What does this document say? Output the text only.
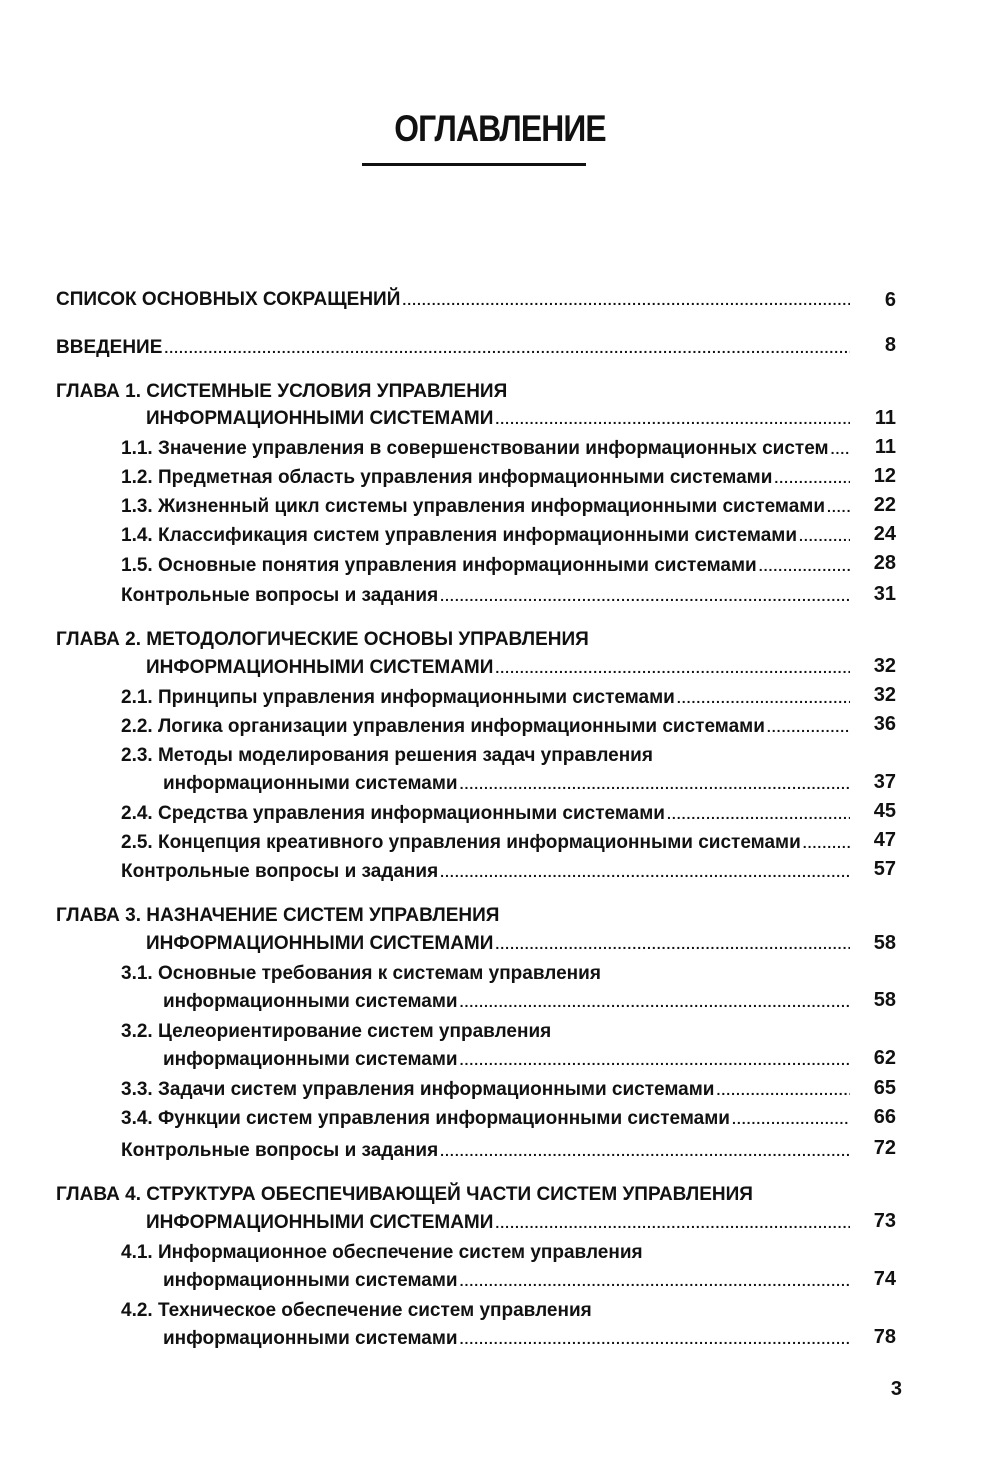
ОГЛАВЛЕНИЕ
СПИСОК ОСНОВНЫХ СОКРАЩЕНИЙ .....	6
ВВЕДЕНИЕ .....	8
ГЛАВА 1. СИСТЕМНЫЕ УСЛОВИЯ УПРАВЛЕНИЯ
ИНФОРМАЦИОННЫМИ СИСТЕМАМИ .....	11
1.1. Значение управления в совершенствовании информационных систем .....	11
1.2. Предметная область управления информационными системами .....	12
1.3. Жизненный цикл системы управления информационными системами .....	22
1.4. Классификация систем управления информационными системами .....	24
1.5. Основные понятия управления информационными системами .....	28
Контрольные вопросы и задания .....	31
ГЛАВА 2. МЕТОДОЛОГИЧЕСКИЕ ОСНОВЫ УПРАВЛЕНИЯ
ИНФОРМАЦИОННЫМИ СИСТЕМАМИ .....	32
2.1. Принципы управления информационными системами .....	32
2.2. Логика организации управления информационными системами .....	36
2.3. Методы моделирования решения задач управления
информационными системами .....	37
2.4. Средства управления информационными системами .....	45
2.5. Концепция креативного управления информационными системами .....	47
Контрольные вопросы и задания .....	57
ГЛАВА 3. НАЗНАЧЕНИЕ СИСТЕМ УПРАВЛЕНИЯ
ИНФОРМАЦИОННЫМИ СИСТЕМАМИ .....	58
3.1. Основные требования к системам управления
информационными системами .....	58
3.2. Целеориентирование систем управления
информационными системами .....	62
3.3. Задачи систем управления информационными системами .....	65
3.4. Функции систем управления информационными системами .....	66
Контрольные вопросы и задания .....	72
ГЛАВА 4. СТРУКТУРА ОБЕСПЕЧИВАЮЩЕЙ ЧАСТИ СИСТЕМ УПРАВЛЕНИЯ
ИНФОРМАЦИОННЫМИ СИСТЕМАМИ .....	73
4.1. Информационное обеспечение систем управления
информационными системами .....	74
4.2. Техническое обеспечение систем управления
информационными системами .....	78
3
